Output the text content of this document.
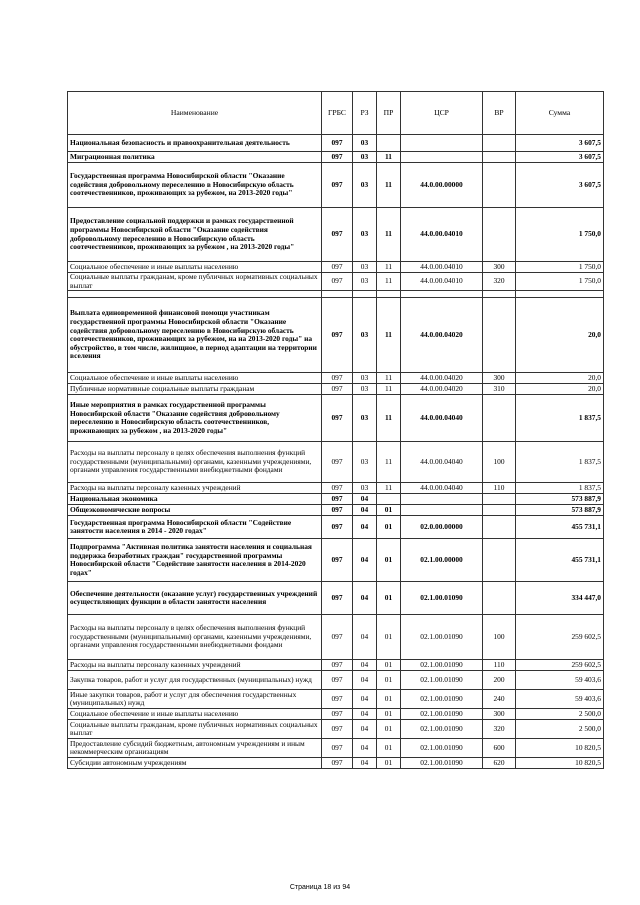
Наименование	ГРБС	РЗ	ПР	ЦСР	ВР	Сумма
Национальная безопасность и правоохранительная деятельность	097	03				3 607,5
Миграционная политика	097	03	11			3 607,5
Государственная программа Новосибирской области "Оказание содействия добровольному переселению в Новосибирскую область соотечественников, проживающих за рубежом, на 2013-2020 годы"	097	03	11	44.0.00.00000		3 607,5
Предоставление социальной поддержки и рамках государственной программы Новосибирской области "Оказание содействия добровольному переселению в Новосибирскую область соотечественников, проживающих за рубежом , на 2013-2020 годы"	097	03	11	44.0.00.04010		1 750,0
Социальное обеспечение и иные выплаты населению	097	03	11	44.0.00.04010	300	1 750,0
Социальные выплаты гражданам, кроме публичных нормативных социальных выплат	097	03	11	44.0.00.04010	320	1 750,0

Выплата единовременной финансовой помощи участникам государственной программы Новосибирской области "Оказание содействия добровольному переселению в Новосибирскую область соотечественников, проживающих за рубежом, на на 2013-2020 годы" на обустройство, в том числе, жилищное, в период адаптации на территории вселения	097	03	11	44.0.00.04020		20,0
Социальное обеспечение и иные выплаты населению	097	03	11	44.0.00.04020	300	20,0
Публичные нормативные социальные выплаты гражданам	097	03	11	44.0.00.04020	310	20,0
Иные мероприятия в рамках государственной программы Новосибирской области "Оказание содействия добровольному переселению в Новосибирскую область соотечественников, проживающих за рубежом , на 2013-2020 годы"	097	03	11	44.0.00.04040		1 837,5
Расходы на выплаты персоналу в целях обеспечения выполнения функций государственными (муниципальными) органами, казенными учреждениями, органами управления государственными внебюджетными фондами	097	03	11	44.0.00.04040	100	1 837,5
Расходы на выплаты персоналу казенных учреждений	097	03	11	44.0.00.04040	110	1 837,5
Национальная экономика	097	04				573 887,9
Общеэкономические вопросы	097	04	01			573 887,9
Государственная программа Новосибирской области "Содействие занятости населения в 2014 - 2020 годах"	097	04	01	02.0.00.00000		455 731,1
Подпрограмма "Активная политика занятости населения и социальная поддержка безработных граждан" государственной программы Новосибирской области "Содействие занятости населения в 2014-2020 годах"	097	04	01	02.1.00.00000		455 731,1
Обеспечение деятельности (оказание услуг) государственных учреждений осуществляющих функции в области занятости населения	097	04	01	02.1.00.01090		334 447,0
Расходы на выплаты персоналу в целях обеспечения выполнения функций государственными (муниципальными) органами, казенными учреждениями, органами управления государственными внебюджетными фондами	097	04	01	02.1.00.01090	100	259 602,5
Расходы на выплаты персоналу казенных учреждений	097	04	01	02.1.00.01090	110	259 602,5
Закупка товаров, работ и услуг для государственных (муниципальных) нужд	097	04	01	02.1.00.01090	200	59 403,6
Иные закупки товаров, работ и услуг для обеспечения государственных (муниципальных) нужд	097	04	01	02.1.00.01090	240	59 403,6
Социальное обеспечение и иные выплаты населению	097	04	01	02.1.00.01090	300	2 500,0
Социальные выплаты гражданам, кроме публичных нормативных социальных выплат	097	04	01	02.1.00.01090	320	2 500,0
Предоставление субсидий бюджетным, автономным учреждениям и иным некоммерческим организациям	097	04	01	02.1.00.01090	600	10 820,5
Субсидии автономным учреждениям	097	04	01	02.1.00.01090	620	10 820,5
Страница 18 из 94
